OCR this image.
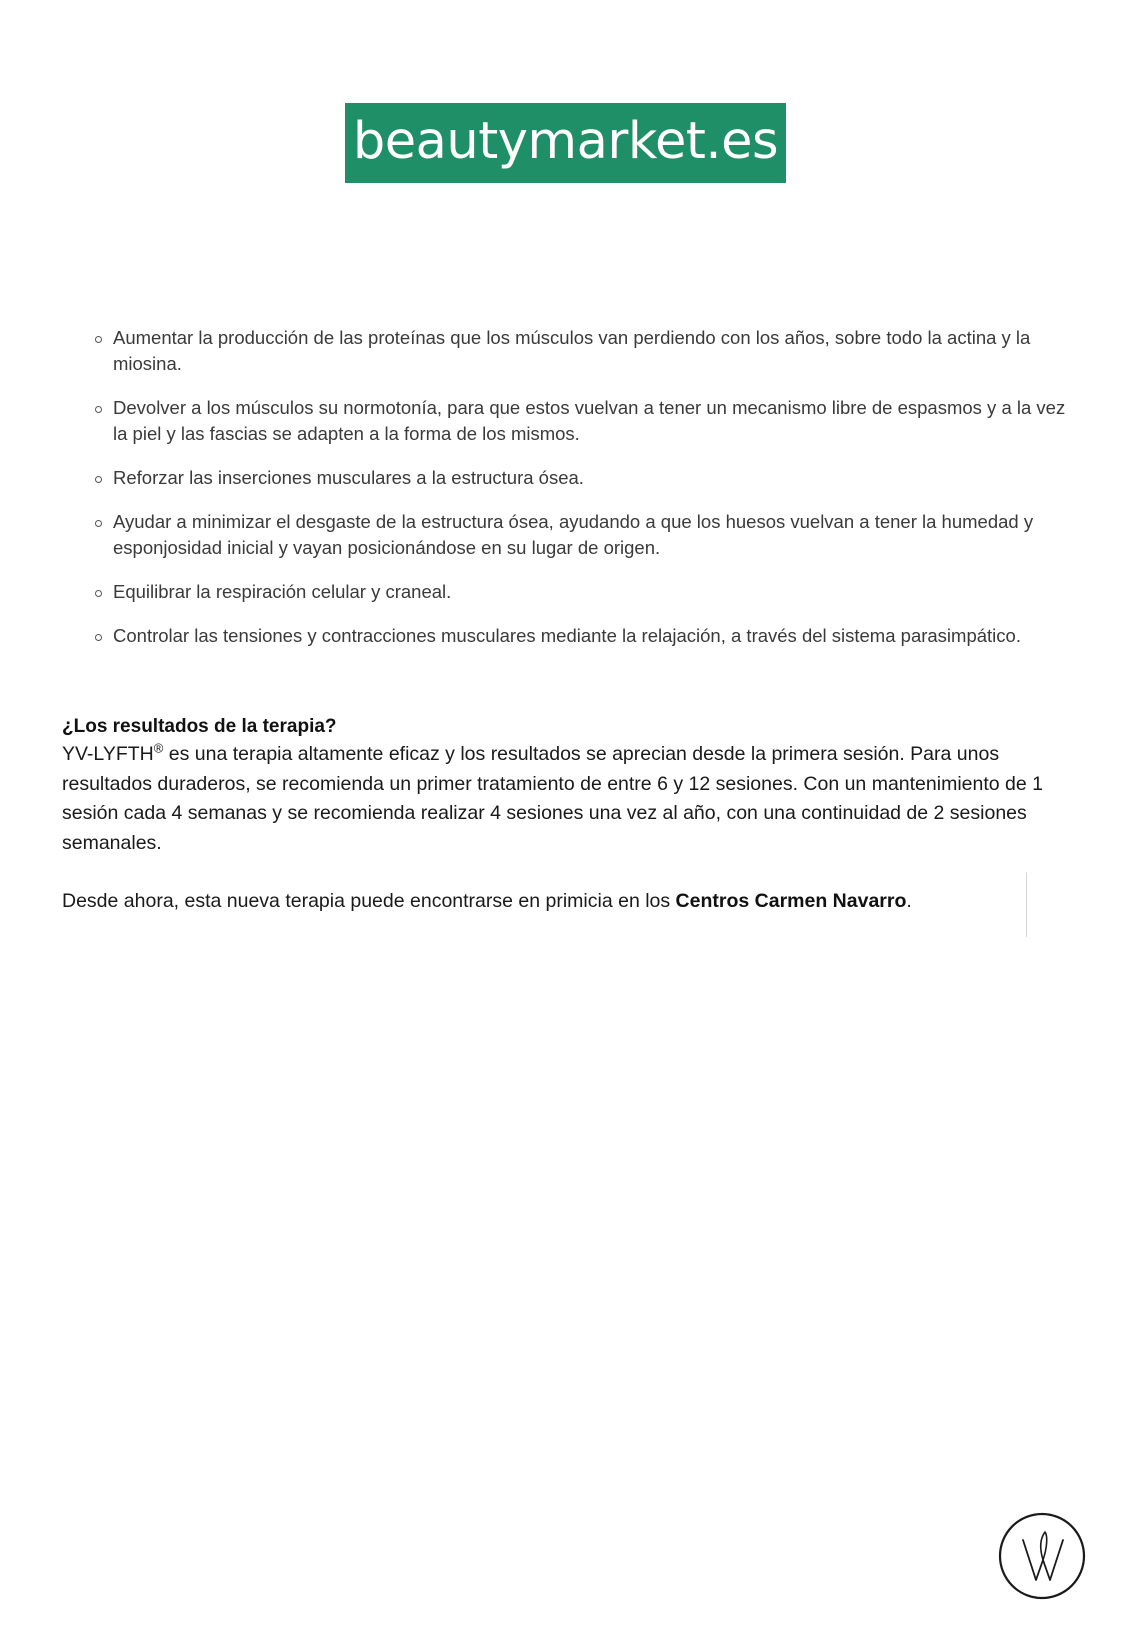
beautymarket.es
Aumentar la producción de las proteínas que los músculos van perdiendo con los años, sobre todo la actina y la miosina.
Devolver a los músculos su normotonía, para que estos vuelvan a tener un mecanismo libre de espasmos y a la vez la piel y las fascias se adapten a la forma de los mismos.
Reforzar las inserciones musculares a la estructura ósea.
Ayudar a minimizar el desgaste de la estructura ósea, ayudando a que los huesos vuelvan a tener la humedad y esponjosidad inicial y vayan posicionándose en su lugar de origen.
Equilibrar la respiración celular y craneal.
Controlar las tensiones y contracciones musculares mediante la relajación, a través del sistema parasimpático.

¿Los resultados de la terapia?

YV-LYFTH® es una terapia altamente eficaz y los resultados se aprecian desde la primera sesión. Para unos resultados duraderos, se recomienda un primer tratamiento de entre 6 y 12 sesiones. Con un mantenimiento de 1 sesión cada 4 semanas y se recomienda realizar 4 sesiones una vez al año, con una continuidad de 2 sesiones semanales.

Desde ahora, esta nueva terapia puede encontrarse en primicia en los Centros Carmen Navarro.
